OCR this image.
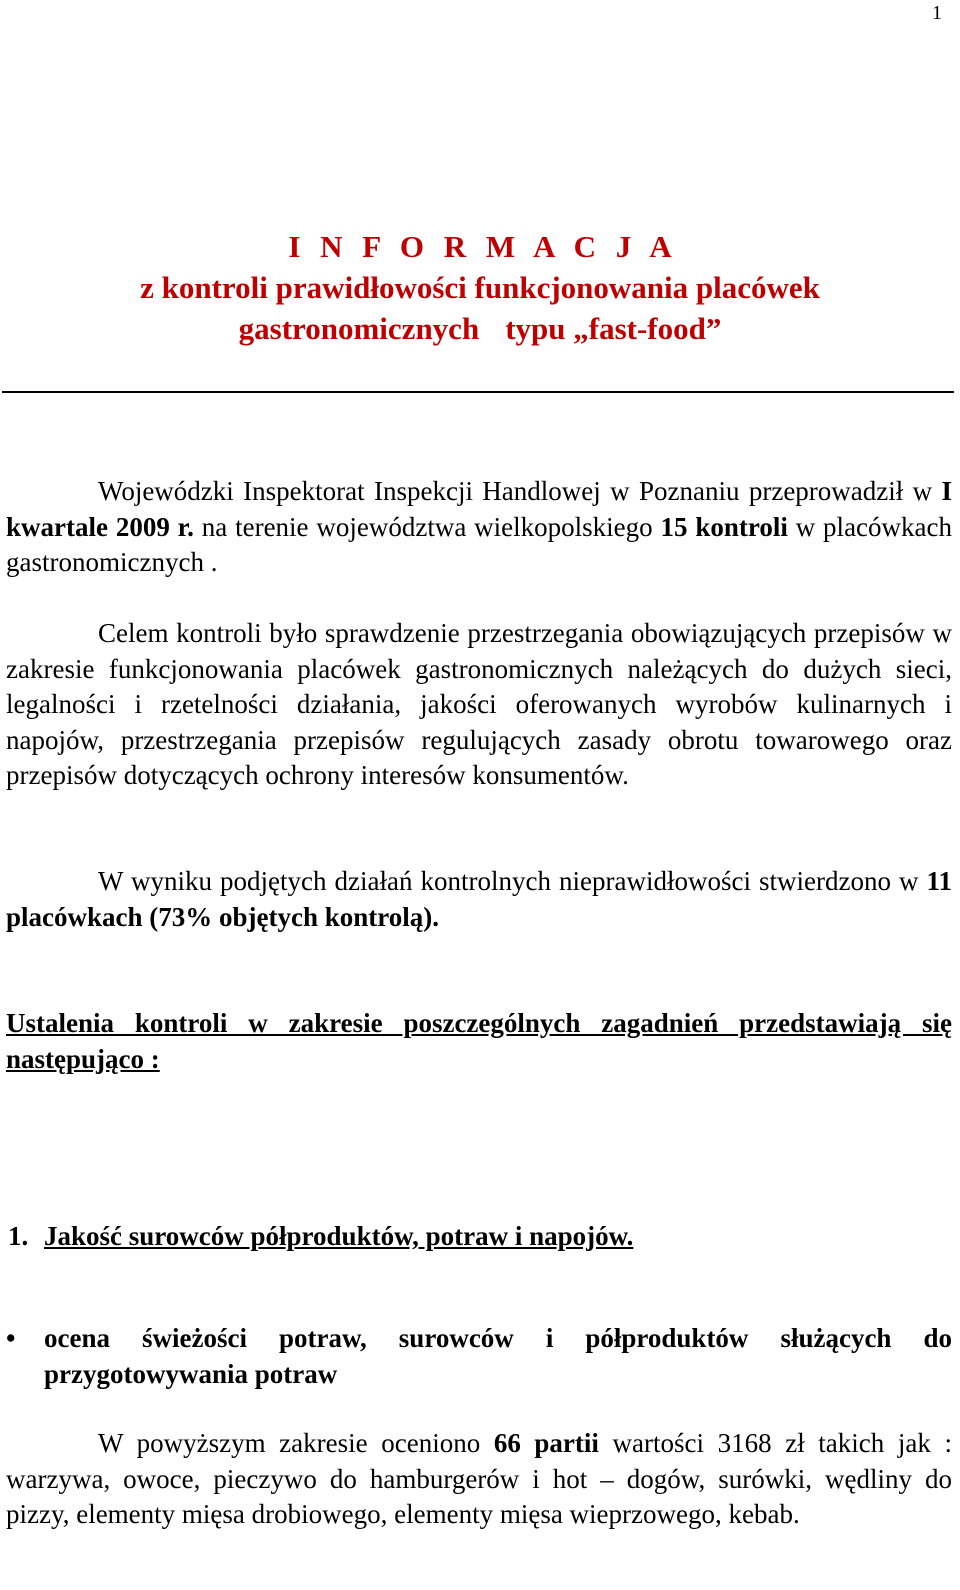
1
I N F O R M A C J A
z kontroli prawidłowości funkcjonowania placówek
gastronomicznych typu „fast-food”
Wojewódzki Inspektorat Inspekcji Handlowej w Poznaniu przeprowadził w I kwartale 2009 r. na terenie województwa wielkopolskiego 15 kontroli w placówkach gastronomicznych .
Celem kontroli było sprawdzenie przestrzegania obowiązujących przepisów w zakresie funkcjonowania placówek gastronomicznych należących do dużych sieci, legalności i rzetelności działania, jakości oferowanych wyrobów kulinarnych i napojów, przestrzegania przepisów regulujących zasady obrotu towarowego oraz przepisów dotyczących ochrony interesów konsumentów.
W wyniku podjętych działań kontrolnych nieprawidłowości stwierdzono w 11 placówkach (73% objętych kontrolą).
Ustalenia kontroli w zakresie poszczególnych zagadnień przedstawiają się następująco :
1. Jakość surowców półproduktów, potraw i napojów.
•	ocena świeżości potraw, surowców i półproduktów służących do przygotowywania potraw
W powyższym zakresie oceniono 66 partii wartości 3168 zł takich jak : warzywa, owoce, pieczywo do hamburgerów i hot – dogów, surówki, wędliny do pizzy, elementy mięsa drobiowego, elementy mięsa wieprzowego, kebab.
